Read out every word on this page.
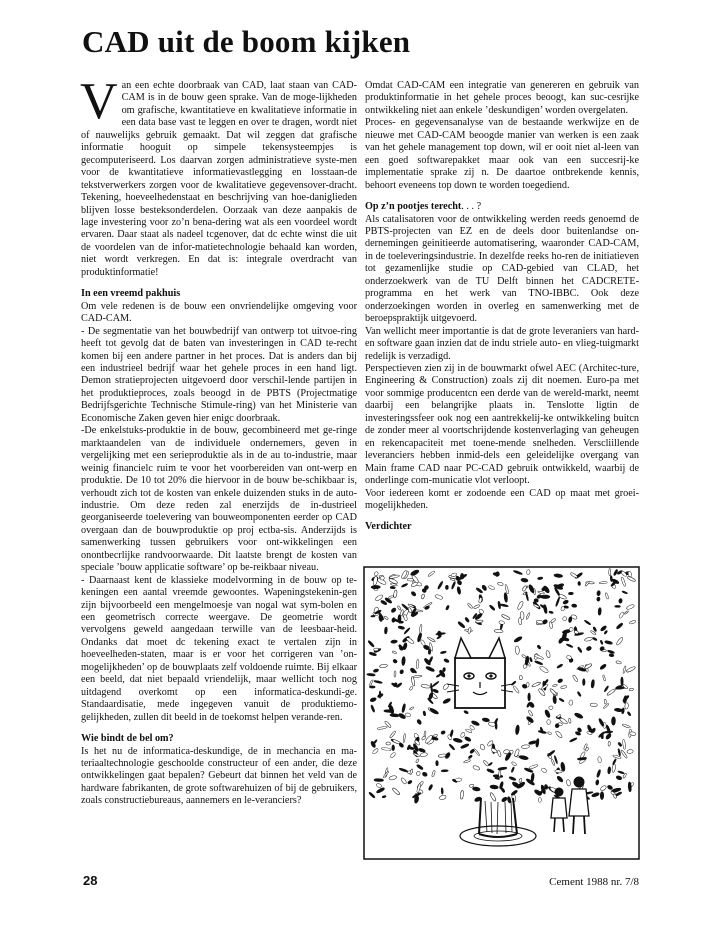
CAD uit de boom kijken

Van een echte doorbraak van CAD, laat staan van CAD-CAM is in de bouw geen sprake. Van de moge-lijkheden om grafische, kwantitatieve en kwalitatieve informatie in een data base vast te leggen en over te dragen, wordt niet of nauwelijks gebruik gemaakt. Dat wil zeggen dat grafische informatie hooguit op simpele tekensysteempjes is gecomputeriseerd. Los daarvan zorgen administratieve syste-men voor de kwantitatieve informatievastlegging en losstaan-de tekstverwerkers zorgen voor de kwalitatieve gegevensover-dracht. Tekening, hoeveelhedenstaat en beschrijving van hoe-daniglieden blijven losse besteksonderdelen. Oorzaak van deze aanpakis de lage investering voor zo’n bena-dering wat als een voordeel wordt ervaren. Daar staat als nadeel tcgenover, dat dc echte winst die uit de voordelen van de infor-matietechnologie behaald kan worden, niet wordt verkregen. En dat is: integrale overdracht van produktinformatie!

In een vreemd pakhuis

Om vele redenen is de bouw een onvriendelijke omgeving voor CAD-CAM.

- De segmentatie van het bouwbedrijf van ontwerp tot uitvoe-ring heeft tot gevolg dat de baten van investeringen in CAD te-recht komen bij een andere partner in het proces. Dat is anders dan bij een industrieel bedrijf waar het gehele proces in een hand ligt. Demon stratieprojecten uitgevoerd door verschil-lende partijen in het produktieproces, zoals beoogd in de PBTS (Projectmatige Bedrijfsgerichte Technische Stimule-ring) van het Ministerie van Economische Zaken geven hier enigc doorbraak.

-De enkelstuks-produktie in de bouw, gecombineerd met ge-ringe marktaandelen van de individuele ondernemers, geven in vergelijking met een serieproduktie als in de au to-industrie, maar weinig financielc ruim te voor het voorbereiden van ont-werp en produktie. De 10 tot 20% die hiervoor in de bouw be-schikbaar is, verhoudt zich tot de kosten van enkele duizenden stuks in de auto-industrie. Om deze reden zal enerzijds de in-dustrieel georganiseerde toelevering van bouweomponenten eerder op CAD overgaan dan de bouwproduktie op proj ectba-sis. Anderzijds is samenwerking tussen gebruikers voor ont-wikkelingen een onontbecrlijke randvoorwaarde. Dit laatste brengt de kosten van speciale ’bouw applicatie software’ op be-reikbaar niveau.

- Daarnaast kent de klassieke modelvorming in de bouw op te-keningen een aantal vreemde gewoontes. Wapeningstekenin-gen zijn bijvoorbeeld een mengelmoesje van nogal wat sym-bolen en een geometrisch correcte weergave. De geometrie wordt vervolgens geweld aangedaan terwille van de leesbaar-heid. Ondanks dat moet dc tekening exact te vertalen zijn in hoeveelheden-staten, maar is er voor het corrigeren van ’on-mogelijkheden’ op de bouwplaats zelf voldoende ruimte. Bij elkaar een beeld, dat niet bepaald vriendelijk, maar wellicht toch nog uitdagend overkomt op een informatica-deskundi-ge. Standaardisatie, mede ingegeven vanuit de produktiemo-gelijkheden, zullen dit beeld in de toekomst helpen verande-ren.

Wie bindt de bel om?

Is het nu de informatica-deskundige, de in mechancia en ma-teriaaltechnologie geschoolde constructeur of een ander, die deze ontwikkelingen gaat bepalen? Gebeurt dat binnen het veld van de hardware fabrikanten, de grote softwarehuizen of bij de gebruikers, zoals constructiebureaus, aannemers en le-veranciers?

Omdat CAD-CAM een integratie van genereren en gebruik van produktinformatie in het gehele proces beoogt, kan suc-cesrijke ontwikkeling niet aan enkele ’deskundigen’ worden overgelaten.

Proces- en gegevensanalyse van de bestaande werkwijze en de nieuwe met CAD-CAM beoogde manier van werken is een zaak van het gehele management top down, wil er ooit niet al-leen van een goed softwarepakket maar ook van een succesrij-ke implementatie sprake zij n. De daartoe ontbrekende kennis, behoort eveneens top down te worden toegediend.

Op z’n pootjes terecht. . . ?

Als catalisatoren voor de ontwikkeling werden reeds genoemd de PBTS-projecten van EZ en de deels door buitenlandse on-dernemingen geinitieerde automatisering, waaronder CAD-CAM, in de toeleveringsindustrie. In dezelfde reeks ho-ren de initiatieven tot gezamenlijke studie op CAD-gebied van CLAD, het onderzoekwerk van de TU Delft binnen het CADCRETE-programma en het werk van TNO-IBBC. Ook deze onderzoekingen worden in overleg en samenwerking met de beroepspraktijk uitgevoerd.

Van wellicht meer importantie is dat de grote leveraniers van hard- en software gaan inzien dat de indu striele auto- en vlieg-tuigmarkt redelijk is verzadigd.

Perspectieven zien zij in de bouwmarkt ofwel AEC (Architec-ture, Engineering & Construction) zoals zij dit noemen. Euro-pa met voor sommige producentcn een derde van de wereld-markt, neemt daarbij een belangrijke plaats in. Tenslotte ligtin de investeringssfeer ook nog een aantrekkelij-ke ontwikkeling buitcn de zonder meer al voortschrijdende kostenverlaging van geheugen en rekencapaciteit met toene-mende snelheden. Verscliillende leveranciers hebben inmid-dels een geleidelijke overgang van Main frame CAD naar PC-CAD gebruik ontwikkeld, waarbij de onderlinge com-municatie vlot verloopt.

Voor iedereen komt er zodoende een CAD op maat met groei-mogelijkheden.

Verdichter
28	Cement 1988 nr. 7/8
